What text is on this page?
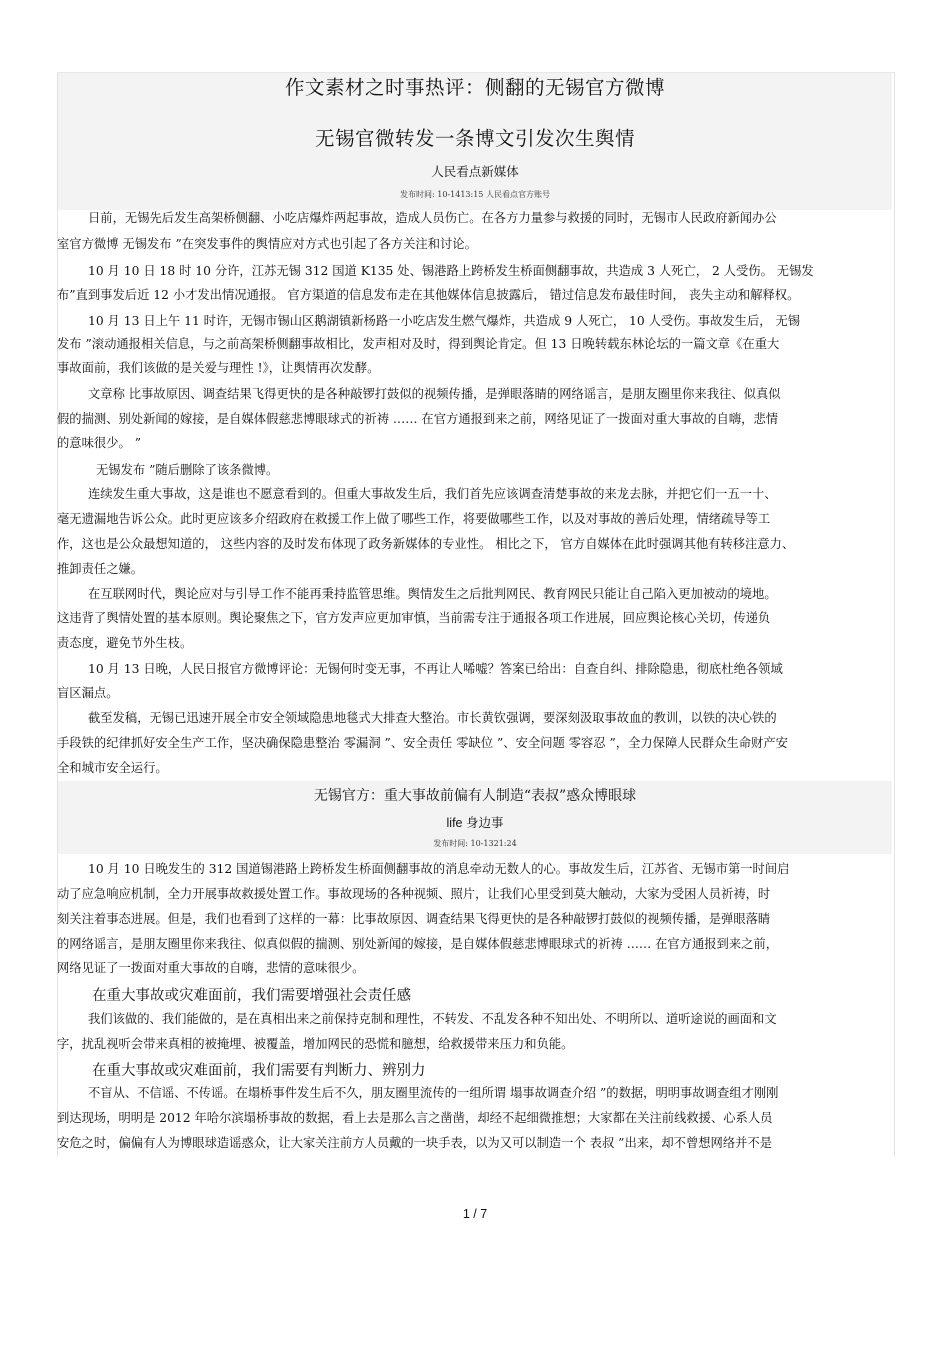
作文素材之时事热评：侧翻的无锡官方微博
无锡官微转发一条博文引发次生舆情
人民看点新媒体
发布时间: 10-1413:15 人民看点官方账号
日前，无锡先后发生高架桥侧翻、小吃店爆炸两起事故，造成人员伤亡。在各方力量参与救援的同时，无锡市人民政府新闻办公
室官方微博 无锡发布 ”在突发事件的舆情应对方式也引起了各方关注和讨论。
10 月 10 日 18 时 10 分许，江苏无锡 312 国道 K135 处、锡港路上跨桥发生桥面侧翻事故，共造成 3 人死亡， 2 人受伤。 无锡发
布”直到事发后近 12 小才发出情况通报。 官方渠道的信息发布走在其他媒体信息披露后， 错过信息发布最佳时间， 丧失主动和解释权。
10 月 13 日上午 11 时许，无锡市锡山区鹅湖镇新杨路一小吃店发生燃气爆炸，共造成 9 人死亡， 10 人受伤。事故发生后， 无锡
发布 ”滚动通报相关信息，与之前高架桥侧翻事故相比，发声相对及时，得到舆论肯定。但 13 日晚转载东林论坛的一篇文章《在重大
事故面前，我们该做的是关爱与理性 !》，让舆情再次发酵。
文章称 比事故原因、调查结果飞得更快的是各种敲锣打鼓似的视频传播，是弹眼落睛的网络谣言，是朋友圈里你来我往、似真似
假的揣测、别处新闻的嫁接，是自媒体假慈悲博眼球式的祈祷 …… 在官方通报到来之前，网络见证了一拨面对重大事故的自嗨，悲情
的意味很少。 ”
无锡发布 ”随后删除了该条微博。
连续发生重大事故，这是谁也不愿意看到的。但重大事故发生后，我们首先应该调查清楚事故的来龙去脉，并把它们一五一十、
毫无遗漏地告诉公众。此时更应该多介绍政府在救援工作上做了哪些工作，将要做哪些工作，以及对事故的善后处理，情绪疏导等工
作，这也是公众最想知道的， 这些内容的及时发布体现了政务新媒体的专业性。 相比之下， 官方自媒体在此时强调其他有转移注意力、
推卸责任之嫌。
在互联网时代，舆论应对与引导工作不能再秉持监管思维。舆情发生之后批判网民、教育网民只能让自己陷入更加被动的境地。
这违背了舆情处置的基本原则。舆论聚焦之下，官方发声应更加审慎，当前需专注于通报各项工作进展，回应舆论核心关切，传递负
责态度，避免节外生枝。
10 月 13 日晚，人民日报官方微博评论：无锡何时变无事，不再让人唏嘘？答案已给出：自查自纠、排除隐患，彻底杜绝各领域
盲区漏点。
截至发稿，无锡已迅速开展全市安全领域隐患地毯式大排查大整治。市长黄钦强调，要深刻汲取事故血的教训，以铁的决心铁的
手段铁的纪律抓好安全生产工作，坚决确保隐患整治 零漏洞 ”、安全责任 零缺位 ”、安全问题 零容忍 ”，全力保障人民群众生命财产安
全和城市安全运行。
无锡官方：重大事故前偏有人制造“表叔”惑众博眼球
life 身边事
发布时间: 10-1321:24
10 月 10 日晚发生的 312 国道锡港路上跨桥发生桥面侧翻事故的消息牵动无数人的心。事故发生后，江苏省、无锡市第一时间启
动了应急响应机制，全力开展事故救援处置工作。事故现场的各种视频、照片，让我们心里受到莫大触动，大家为受困人员祈祷，时
刻关注着事态进展。但是，我们也看到了这样的一幕：比事故原因、调查结果飞得更快的是各种敲锣打鼓似的视频传播，是弹眼落睛
的网络谣言，是朋友圈里你来我往、似真似假的揣测、别处新闻的嫁接，是自媒体假慈悲博眼球式的祈祷 …… 在官方通报到来之前，
网络见证了一拨面对重大事故的自嗨，悲情的意味很少。
在重大事故或灾难面前，我们需要增强社会责任感
我们该做的、我们能做的，是在真相出来之前保持克制和理性，不转发、不乱发各种不知出处、不明所以、道听途说的画面和文
字，扰乱视听会带来真相的被掩埋、被覆盖，增加网民的恐慌和臆想，给救援带来压力和负能。
在重大事故或灾难面前，我们需要有判断力、辨别力
不盲从、不信谣、不传谣。在塌桥事件发生后不久，朋友圈里流传的一组所谓 塌事故调查介绍 ”的数据，明明事故调查组才刚刚
到达现场，明明是 2012 年哈尔滨塌桥事故的数据，看上去是那么言之凿凿，却经不起细微推想；大家都在关注前线救援、心系人员
安危之时，偏偏有人为博眼球造谣惑众，让大家关注前方人员戴的一块手表，以为又可以制造一个 表叔 ”出来，却不曾想网络并不是
1 / 7
